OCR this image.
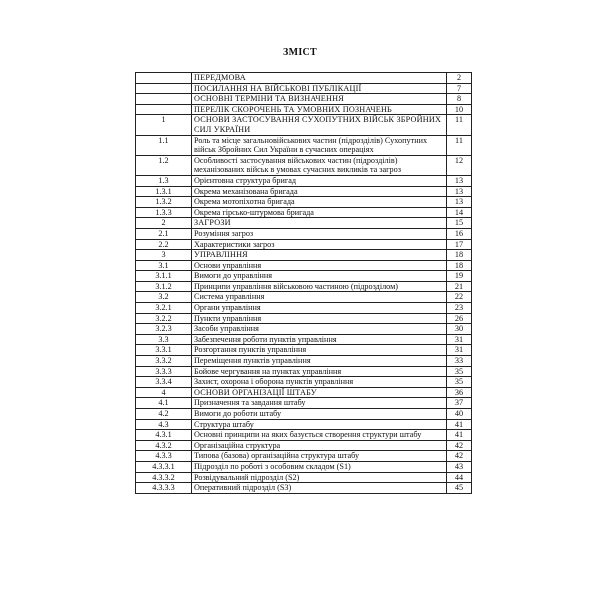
ЗМІСТ
	ПЕРЕДМОВА	2
	ПОСИЛАННЯ НА ВІЙСЬКОВІ ПУБЛІКАЦІЇ	7
	ОСНОВНІ ТЕРМІНИ ТА ВИЗНАЧЕННЯ	8
	ПЕРЕЛІК СКОРОЧЕНЬ ТА УМОВНИХ ПОЗНАЧЕНЬ	10
1	ОСНОВИ ЗАСТОСУВАННЯ СУХОПУТНИХ ВІЙСЬК ЗБРОЙНИХ СИЛ УКРАЇНИ	11
1.1	Роль та місце загальновійськових частин (підрозділів) Сухопутних військ Збройних Сил України в сучасних операціях	11
1.2	Особливості застосування військових частин (підрозділів) механізованих військ в умовах сучасних викликів та загроз	12
1.3	Орієнтовна структура бригад	13
1.3.1	Окрема механізована бригада	13
1.3.2	Окрема мотопіхотна бригада	13
1.3.3	Окрема гірсько-штурмова бригада	14
2	ЗАГРОЗИ	15
2.1	Розуміння загроз	16
2.2	Характеристики загроз	17
3	УПРАВЛІННЯ	18
3.1	Основи управління	18
3.1.1	Вимоги до управління	19
3.1.2	Принципи управління військовою частиною (підрозділом)	21
3.2	Система управління	22
3.2.1	Органи управління	23
3.2.2	Пункти управління	26
3.2.3	Засоби управління	30
3.3	Забезпечення роботи пунктів управління	31
3.3.1	Розгортання пунктів управління	31
3.3.2	Переміщення пунктів управління	33
3.3.3	Бойове чергування на пунктах управління	35
3.3.4	Захист, охорона і оборона пунктів управління	35
4	ОСНОВИ ОРГАНІЗАЦІЇ ШТАБУ	36
4.1	Призначення та завдання штабу	37
4.2	Вимоги до роботи штабу	40
4.3	Структура штабу	41
4.3.1	Основні принципи на яких базується створення структури штабу	41
4.3.2	Організаційна структура	42
4.3.3	Типова (базова) організаційна структура штабу	42
4.3.3.1	Підрозділ по роботі з особовим складом (S1)	43
4.3.3.2	Розвідувальний підрозділ (S2)	44
4.3.3.3	Оперативний підрозділ (S3)	45
